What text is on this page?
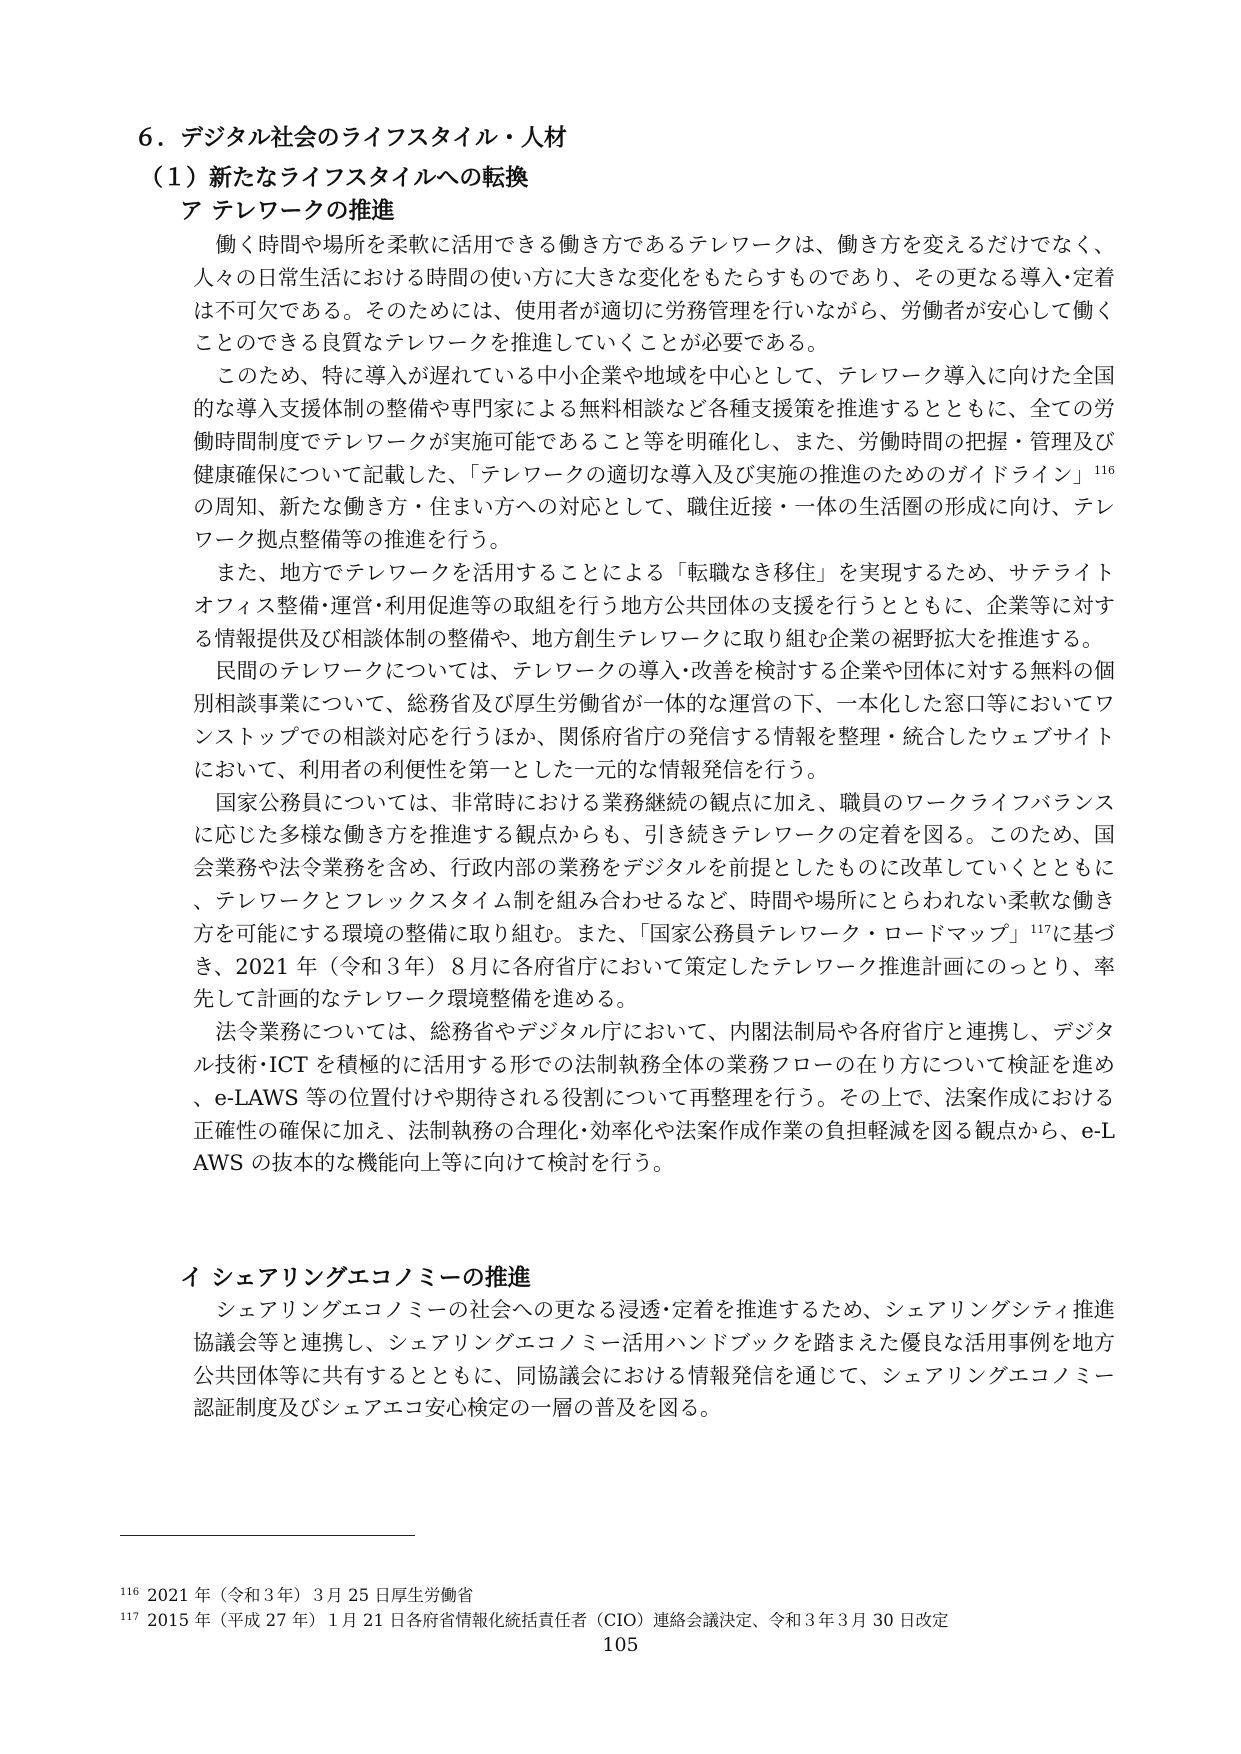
６．デジタル社会のライフスタイル・人材
（１）新たなライフスタイルへの転換
ア テレワークの推進

働く時間や場所を柔軟に活用できる働き方であるテレワークは、働き方を変えるだけでなく、人々の日常生活における時間の使い方に大きな変化をもたらすものであり、その更なる導入･定着は不可欠である。そのためには、使用者が適切に労務管理を行いながら、労働者が安心して働くことのできる良質なテレワークを推進していくことが必要である。

このため、特に導入が遅れている中小企業や地域を中心として、テレワーク導入に向けた全国的な導入支援体制の整備や専門家による無料相談など各種支援策を推進するとともに、全ての労働時間制度でテレワークが実施可能であること等を明確化し、また、労働時間の把握・管理及び健康確保について記載した、「テレワークの適切な導入及び実施の推進のためのガイドライン」$^{116}$の周知、新たな働き方・住まい方への対応として、職住近接・一体の生活圏の形成に向け、テレワーク拠点整備等の推進を行う。

また、地方でテレワークを活用することによる「転職なき移住」を実現するため、サテライトオフィス整備･運営･利用促進等の取組を行う地方公共団体の支援を行うとともに、企業等に対する情報提供及び相談体制の整備や、地方創生テレワークに取り組む企業の裾野拡大を推進する。

民間のテレワークについては、テレワークの導入･改善を検討する企業や団体に対する無料の個別相談事業について、総務省及び厚生労働省が一体的な運営の下、一本化した窓口等においてワンストップでの相談対応を行うほか、関係府省庁の発信する情報を整理・統合したウェブサイトにおいて、利用者の利便性を第一とした一元的な情報発信を行う。

国家公務員については、非常時における業務継続の観点に加え、職員のワークライフバランスに応じた多様な働き方を推進する観点からも、引き続きテレワークの定着を図る。このため、国会業務や法令業務を含め、行政内部の業務をデジタルを前提としたものに改革していくとともに、テレワークとフレックスタイム制を組み合わせるなど、時間や場所にとらわれない柔軟な働き方を可能にする環境の整備に取り組む。また、「国家公務員テレワーク・ロードマップ」$^{117}$に基づき、2021 年（令和３年）８月に各府省庁において策定したテレワーク推進計画にのっとり、率先して計画的なテレワーク環境整備を進める。

法令業務については、総務省やデジタル庁において、内閣法制局や各府省庁と連携し、デジタル技術･ICT を積極的に活用する形での法制執務全体の業務フローの在り方について検証を進め、e-LAWS 等の位置付けや期待される役割について再整理を行う。その上で、法案作成における正確性の確保に加え、法制執務の合理化･効率化や法案作成作業の負担軽減を図る観点から、e-LAWS の抜本的な機能向上等に向けて検討を行う。

イ シェアリングエコノミーの推進

シェアリングエコノミーの社会への更なる浸透･定着を推進するため、シェアリングシティ推進協議会等と連携し、シェアリングエコノミー活用ハンドブックを踏まえた優良な活用事例を地方公共団体等に共有するとともに、同協議会における情報発信を通じて、シェアリングエコノミー認証制度及びシェアエコ安心検定の一層の普及を図る。

$^{116}$ 2021 年（令和３年）３月 25 日厚生労働省
$^{117}$ 2015 年（平成 27 年）１月 21 日各府省情報化統括責任者（CIO）連絡会議決定、令和３年３月 30 日改定
105
